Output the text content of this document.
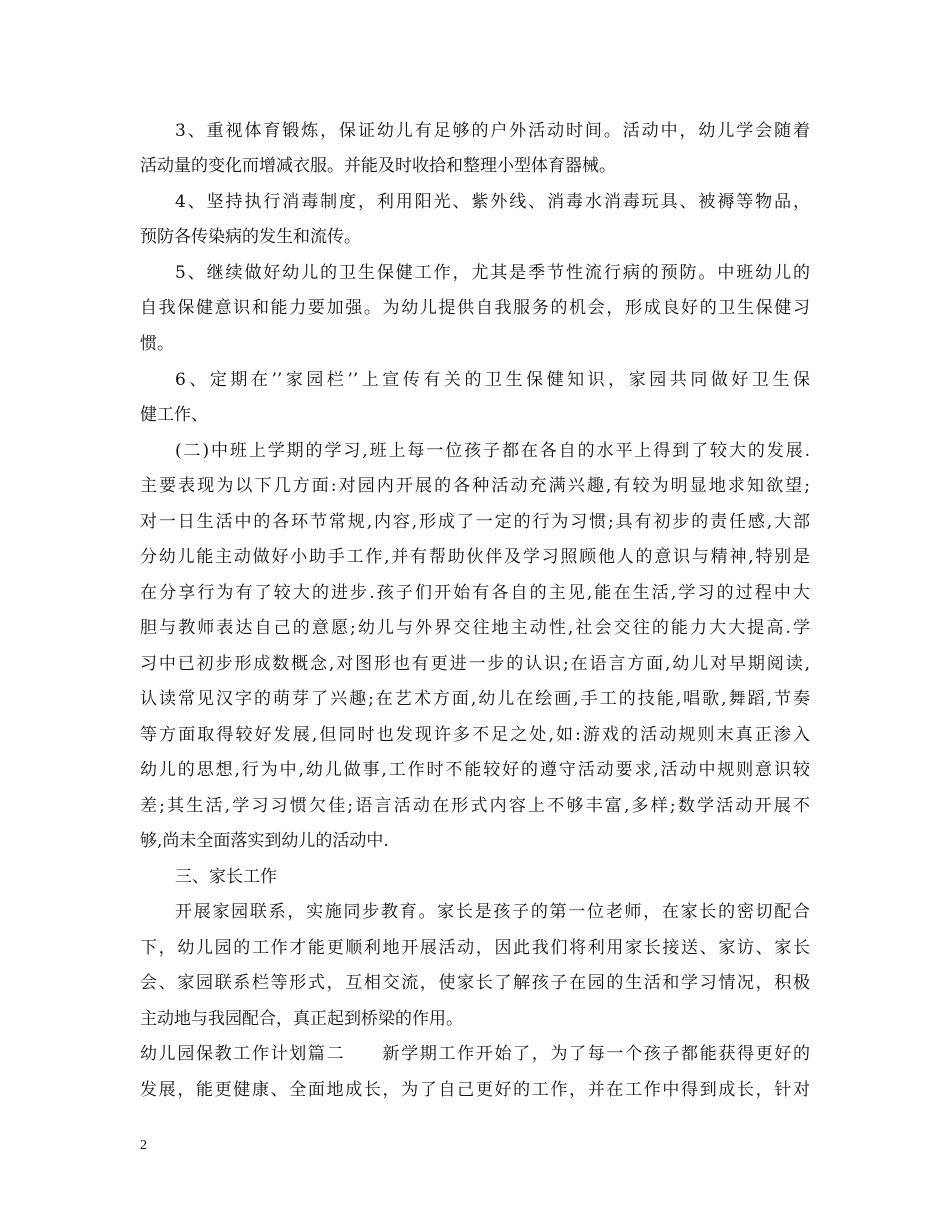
3、重视体育锻炼，保证幼儿有足够的户外活动时间。活动中，幼儿学会随着
活动量的变化而增减衣服。并能及时收拾和整理小型体育器械。
4、坚持执行消毒制度，利用阳光、紫外线、消毒水消毒玩具、被褥等物品，
预防各传染病的发生和流传。
5、继续做好幼儿的卫生保健工作，尤其是季节性流行病的预防。中班幼儿的
自我保健意识和能力要加强。为幼儿提供自我服务的机会，形成良好的卫生保健习
惯。
6、定期在’’家园栏’’上宣传有关的卫生保健知识，家园共同做好卫生保
健工作、
(二)中班上学期的学习,班上每一位孩子都在各自的水平上得到了较大的发展.
主要表现为以下几方面:对园内开展的各种活动充满兴趣,有较为明显地求知欲望;
对一日生活中的各环节常规,内容,形成了一定的行为习惯;具有初步的责任感,大部
分幼儿能主动做好小助手工作,并有帮助伙伴及学习照顾他人的意识与精神,特别是
在分享行为有了较大的进步.孩子们开始有各自的主见,能在生活,学习的过程中大
胆与教师表达自己的意愿;幼儿与外界交往地主动性,社会交往的能力大大提高.学
习中已初步形成数概念,对图形也有更进一步的认识;在语言方面,幼儿对早期阅读,
认读常见汉字的萌芽了兴趣;在艺术方面,幼儿在绘画,手工的技能,唱歌,舞蹈,节奏
等方面取得较好发展,但同时也发现许多不足之处,如:游戏的活动规则末真正渗入
幼儿的思想,行为中,幼儿做事,工作时不能较好的遵守活动要求,活动中规则意识较
差;其生活,学习习惯欠佳;语言活动在形式内容上不够丰富,多样;数学活动开展不
够,尚未全面落实到幼儿的活动中.
三、家长工作
开展家园联系，实施同步教育。家长是孩子的第一位老师，在家长的密切配合
下，幼儿园的工作才能更顺利地开展活动，因此我们将利用家长接送、家访、家长
会、家园联系栏等形式，互相交流，使家长了解孩子在园的生活和学习情况，积极
主动地与我园配合，真正起到桥梁的作用。
幼儿园保教工作计划篇二　　新学期工作开始了，为了每一个孩子都能获得更好的
发展，能更健康、全面地成长，为了自己更好的工作，并在工作中得到成长，针对
2
